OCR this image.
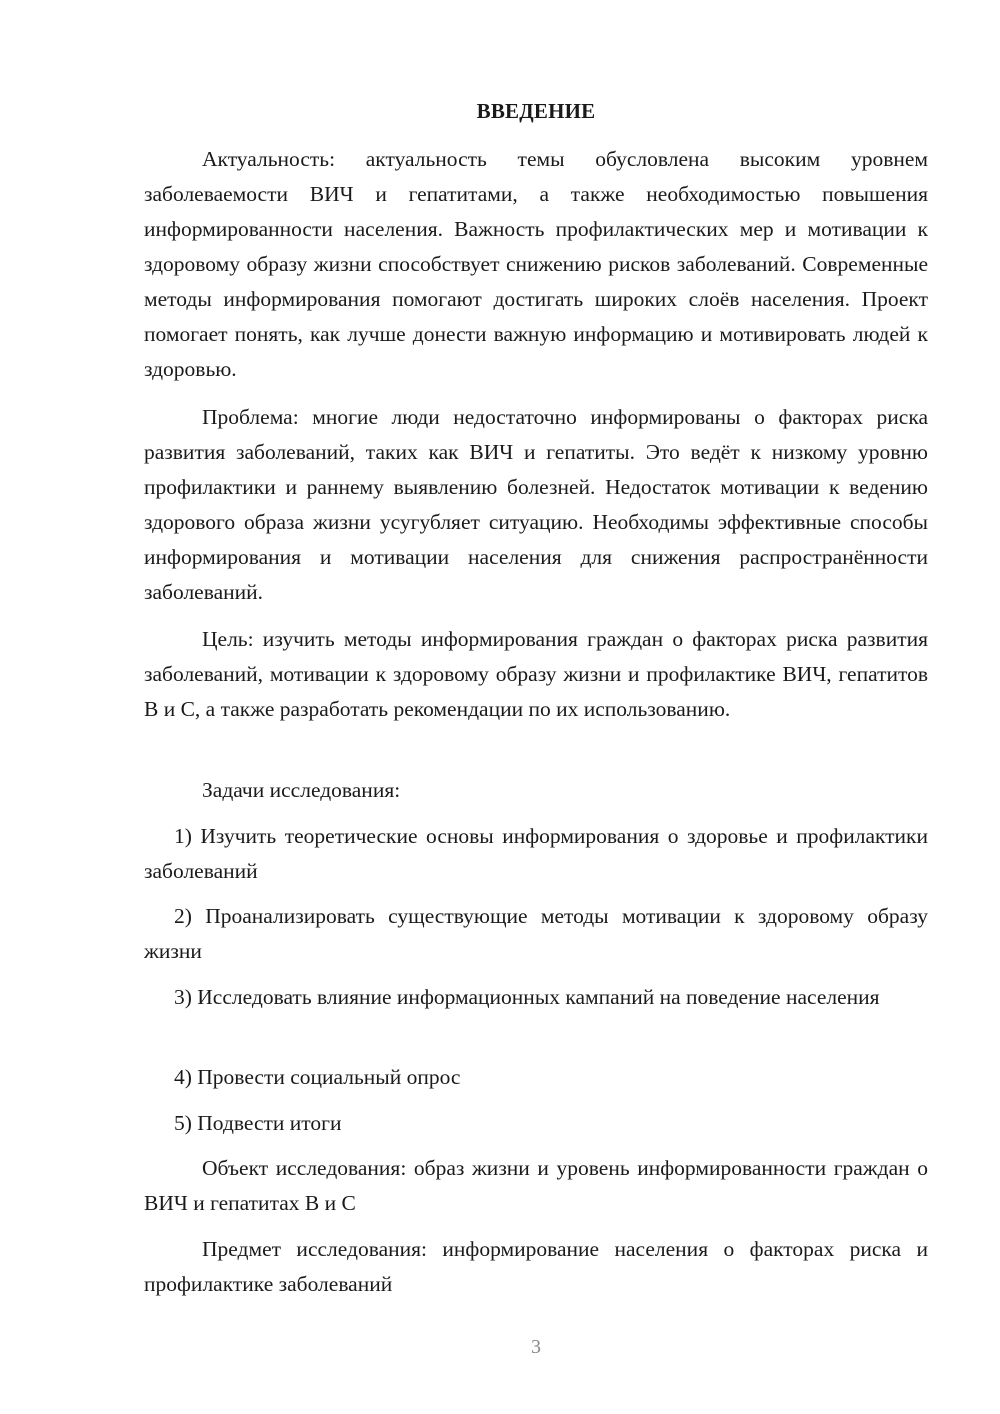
ВВЕДЕНИЕ

Актуальность: актуальность темы обусловлена высоким уровнем заболеваемости ВИЧ и гепатитами, а также необходимостью повышения информированности населения. Важность профилактических мер и мотивации к здоровому образу жизни способствует снижению рисков заболеваний. Современные методы информирования помогают достигать широких слоёв населения. Проект помогает понять, как лучше донести важную информацию и мотивировать людей к здоровью.

Проблема: многие люди недостаточно информированы о факторах риска развития заболеваний, таких как ВИЧ и гепатиты. Это ведёт к низкому уровню профилактики и раннему выявлению болезней. Недостаток мотивации к ведению здорового образа жизни усугубляет ситуацию. Необходимы эффективные способы информирования и мотивации населения для снижения распространённости заболеваний.

Цель: изучить методы информирования граждан о факторах риска развития заболеваний, мотивации к здоровому образу жизни и профилактике ВИЧ, гепатитов В и С, а также разработать рекомендации по их использованию.

Задачи исследования:

1) Изучить теоретические основы информирования о здоровье и профилактики заболеваний

2) Проанализировать существующие методы мотивации к здоровому образу жизни

3) Исследовать влияние информационных кампаний на поведение населения

4) Провести социальный опрос

5) Подвести итоги

Объект исследования: образ жизни и уровень информированности граждан о ВИЧ и гепатитах В и С

Предмет исследования: информирование населения о факторах риска и профилактике заболеваний

3
